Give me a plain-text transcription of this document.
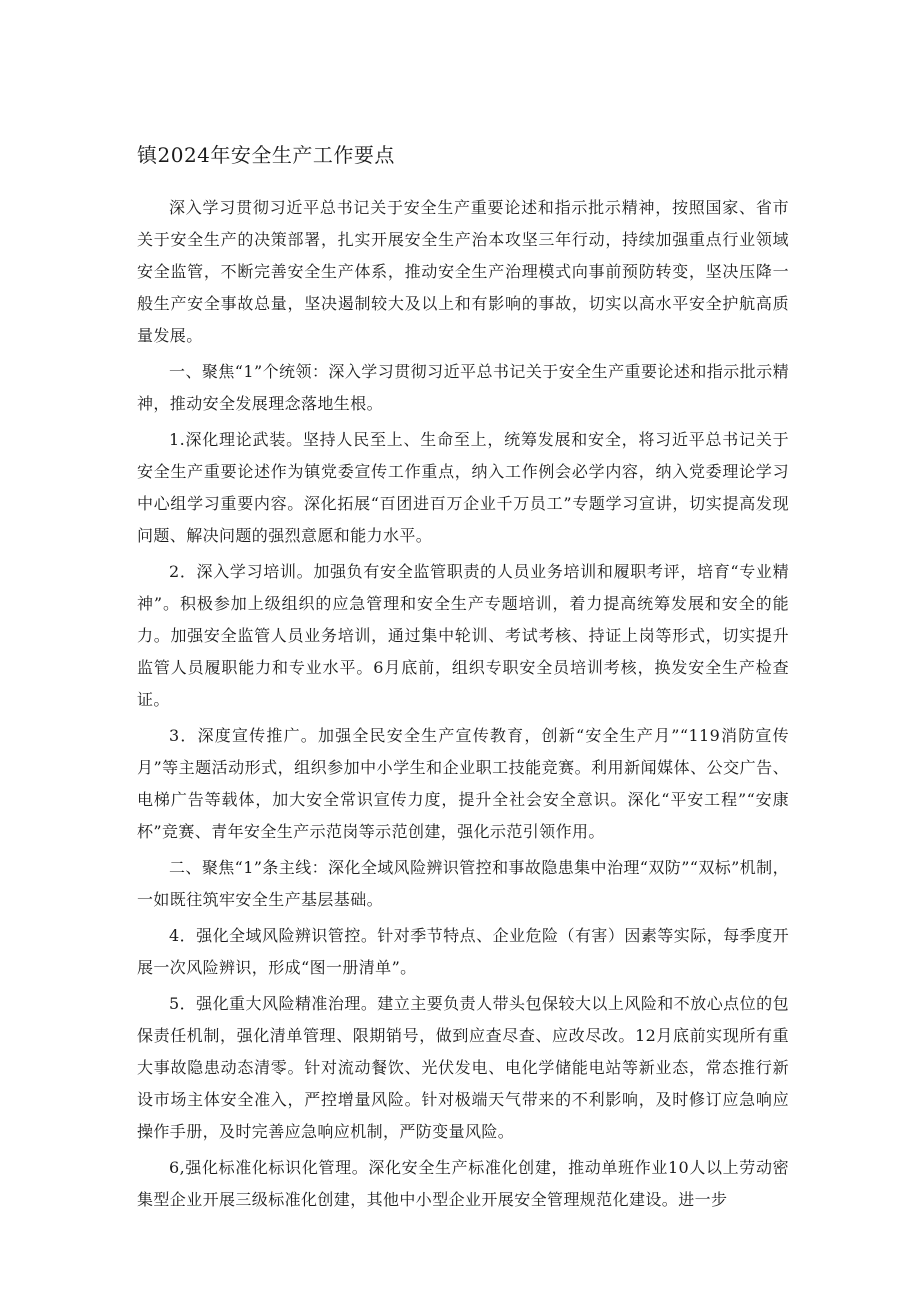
镇2024年安全生产工作要点

深入学习贯彻习近平总书记关于安全生产重要论述和指示批示精神，按照国家、省市关于安全生产的决策部署，扎实开展安全生产治本攻坚三年行动，持续加强重点行业领域安全监管，不断完善安全生产体系，推动安全生产治理模式向事前预防转变，坚决压降一般生产安全事故总量，坚决遏制较大及以上和有影响的事故，切实以高水平安全护航高质量发展。

一、聚焦“1”个统领：深入学习贯彻习近平总书记关于安全生产重要论述和指示批示精神，推动安全发展理念落地生根。

1.深化理论武装。坚持人民至上、生命至上，统筹发展和安全，将习近平总书记关于安全生产重要论述作为镇党委宣传工作重点，纳入工作例会必学内容，纳入党委理论学习中心组学习重要内容。深化拓展“百团进百万企业千万员工”专题学习宣讲，切实提高发现问题、解决问题的强烈意愿和能力水平。

2．深入学习培训。加强负有安全监管职责的人员业务培训和履职考评，培育“专业精神”。积极参加上级组织的应急管理和安全生产专题培训，着力提高统筹发展和安全的能力。加强安全监管人员业务培训，通过集中轮训、考试考核、持证上岗等形式，切实提升监管人员履职能力和专业水平。6月底前，组织专职安全员培训考核，换发安全生产检查证。

3．深度宣传推广。加强全民安全生产宣传教育，创新“安全生产月”“119消防宣传月”等主题活动形式，组织参加中小学生和企业职工技能竞赛。利用新闻媒体、公交广告、电梯广告等载体，加大安全常识宣传力度，提升全社会安全意识。深化“平安工程”“安康杯”竞赛、青年安全生产示范岗等示范创建，强化示范引领作用。

二、聚焦“1”条主线：深化全域风险辨识管控和事故隐患集中治理“双防”“双标”机制，一如既往筑牢安全生产基层基础。

4．强化全域风险辨识管控。针对季节特点、企业危险（有害）因素等实际，每季度开展一次风险辨识，形成“图一册清单”。

5．强化重大风险精准治理。建立主要负责人带头包保较大以上风险和不放心点位的包保责任机制，强化清单管理、限期销号，做到应查尽查、应改尽改。12月底前实现所有重大事故隐患动态清零。针对流动餐饮、光伏发电、电化学储能电站等新业态，常态推行新设市场主体安全准入，严控增量风险。针对极端天气带来的不利影响，及时修订应急响应操作手册，及时完善应急响应机制，严防变量风险。

6,强化标准化标识化管理。深化安全生产标准化创建，推动单班作业10人以上劳动密集型企业开展三级标准化创建，其他中小型企业开展安全管理规范化建设。进一步
